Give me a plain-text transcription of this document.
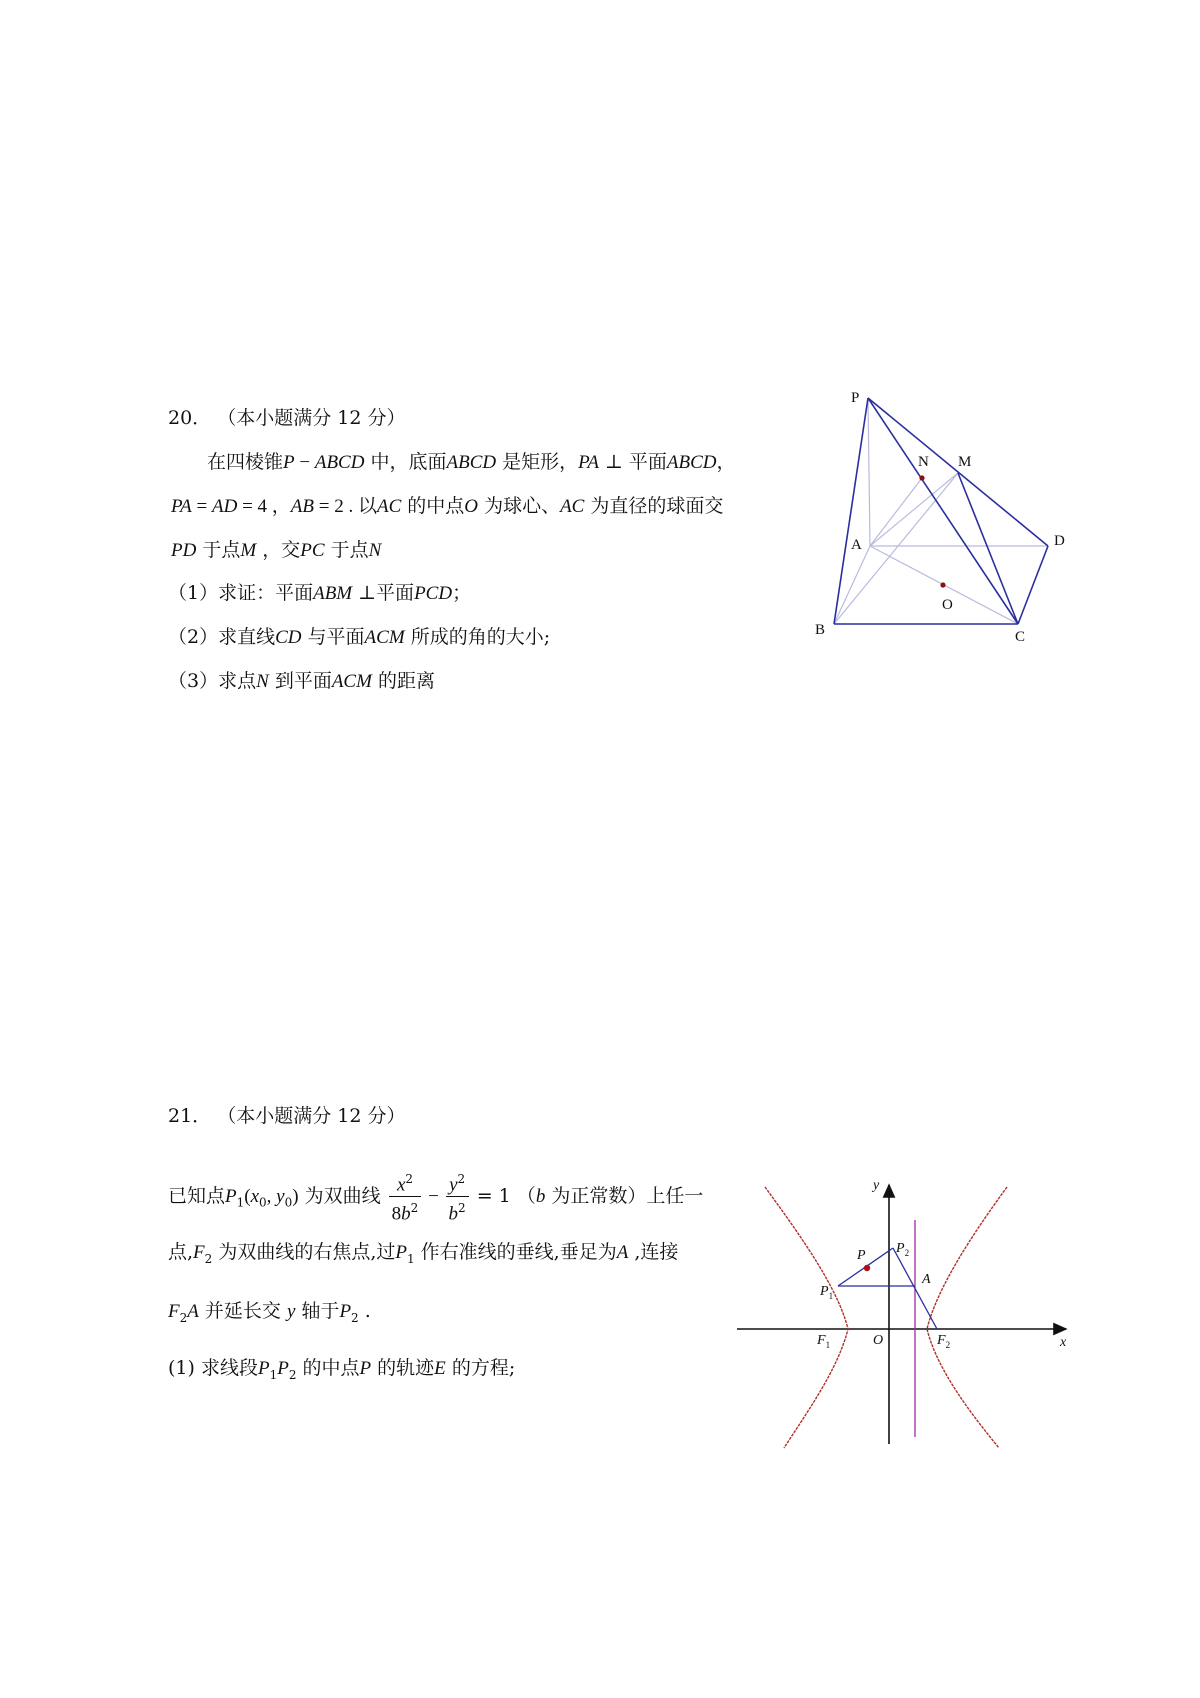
20． （本小题满分 12 分）
在四棱锥P − ABCD 中，底面ABCD 是矩形，PA ⊥ 平面ABCD，
PA = AD = 4 ，AB = 2 . 以AC 的中点O 为球心、AC 为直径的球面交
PD 于点M ，交PC 于点N
（1）求证：平面ABM ⊥平面PCD；
（2）求直线CD 与平面ACM 所成的角的大小;
（3）求点N 到平面ACM 的距离
P
N M
A	D
O
B	C
21． （本小题满分 12 分）
已知点$P_1(x_0$, $y_0$) 为双曲线 $\frac{x^2}{8b^2} - \frac{y^2}{b^2} = 1$ （b 为正常数）上任一
点$,F_2$ 为双曲线的右焦点,过$P_1$ 作右准线的垂线,垂足为A ,连接
$F_2A$ 并延长交 y 轴于$P_2$ .
(1) 求线段$P_1P_2$ 的中点P 的轨迹E 的方程;
y
x
O
P $P_2$
$P_1$
A
$F_1$	$F_2$
